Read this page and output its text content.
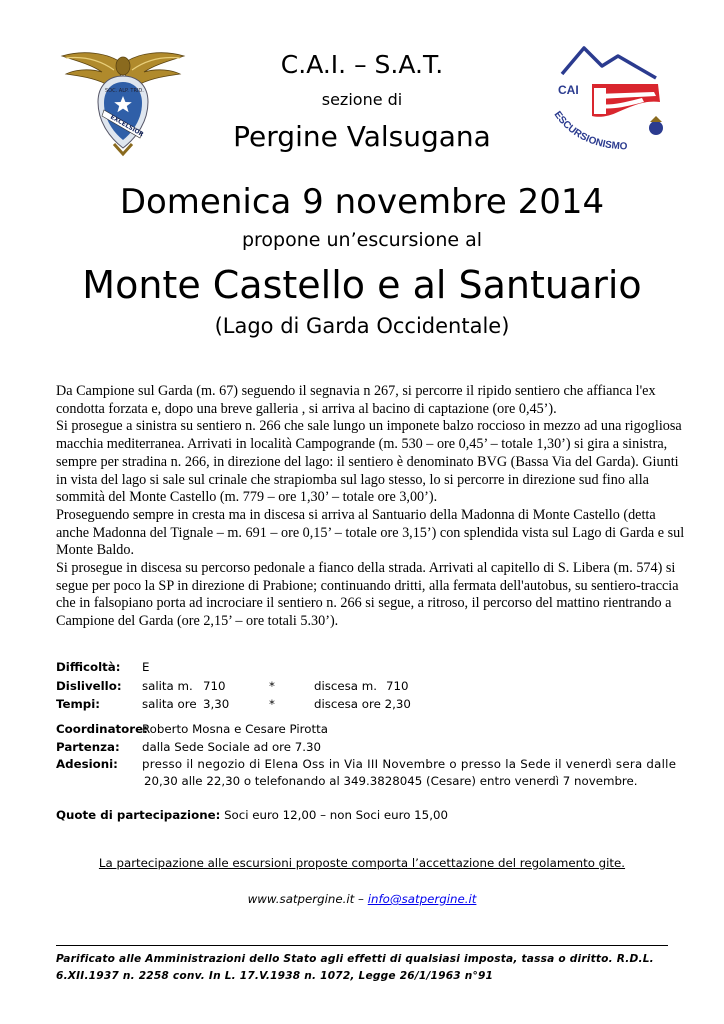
EXCELSIOR
SOC. ALP. TRID.	CAI
ESCURSIONISMO
C.A.I. – S.A.T.
sezione di
Pergine Valsugana
Domenica 9 novembre 2014
propone un’escursione al
Monte Castello e al Santuario
(Lago di Garda Occidentale)

Da Campione sul Garda (m. 67) seguendo il segnavia n 267, si percorre il ripido sentiero che affianca l'ex condotta forzata e, dopo una breve galleria , si arriva al bacino di captazione (ore 0,45’).

Si prosegue a sinistra su sentiero n. 266 che sale lungo un imponete balzo roccioso in mezzo ad una rigogliosa macchia mediterranea. Arrivati in località Campogrande (m. 530 – ore 0,45’ – totale 1,30’) si gira a sinistra, sempre per stradina n. 266, in direzione del lago: il sentiero è denominato BVG (Bassa Via del Garda). Giunti in vista del lago si sale sul crinale che strapiomba sul lago stesso, lo si percorre in direzione sud fino alla sommità del Monte Castello (m. 779 – ore 1,30’ – totale ore 3,00’).

Proseguendo sempre in cresta ma in discesa si arriva al Santuario della Madonna di Monte Castello (detta anche Madonna del Tignale – m. 691 – ore 0,15’ – totale ore 3,15’) con splendida vista sul Lago di Garda e sul Monte Baldo.

Si prosegue in discesa su percorso pedonale a fianco della strada. Arrivati al capitello di S. Libera (m. 574) si segue per poco la SP in direzione di Prabione; continuando dritti, alla fermata dell'autobus, su sentiero-traccia che in falsopiano porta ad incrociare il sentiero n. 266 si segue, a ritroso, il percorso del mattino rientrando a Campione del Garda (ore 2,15’ – ore totali 5.30’).

Difficoltà: E
Dislivello: salita m. 710	*	discesa m. 710
Tempi:	salita ore 3,30	*	discesa ore 2,30
Coordinatore:
Roberto Mosna e Cesare Pirotta
Partenza: dalla Sede Sociale ad ore 7.30
Adesioni: presso il negozio di Elena Oss in Via III Novembre o presso la Sede il venerdì sera dalle
20,30 alle 22,30 o telefonando al 349.3828045 (Cesare) entro venerdì 7 novembre.
Quote di partecipazione: Soci euro 12,00 – non Soci euro 15,00
La partecipazione alle escursioni proposte comporta l’accettazione del regolamento gite.
www.satpergine.it – info@satpergine.it
Parificato alle Amministrazioni dello Stato agli effetti di qualsiasi imposta, tassa o diritto. R.D.L. 6.XII.1937 n. 2258 conv. In L. 17.V.1938 n. 1072, Legge 26/1/1963 n°91
